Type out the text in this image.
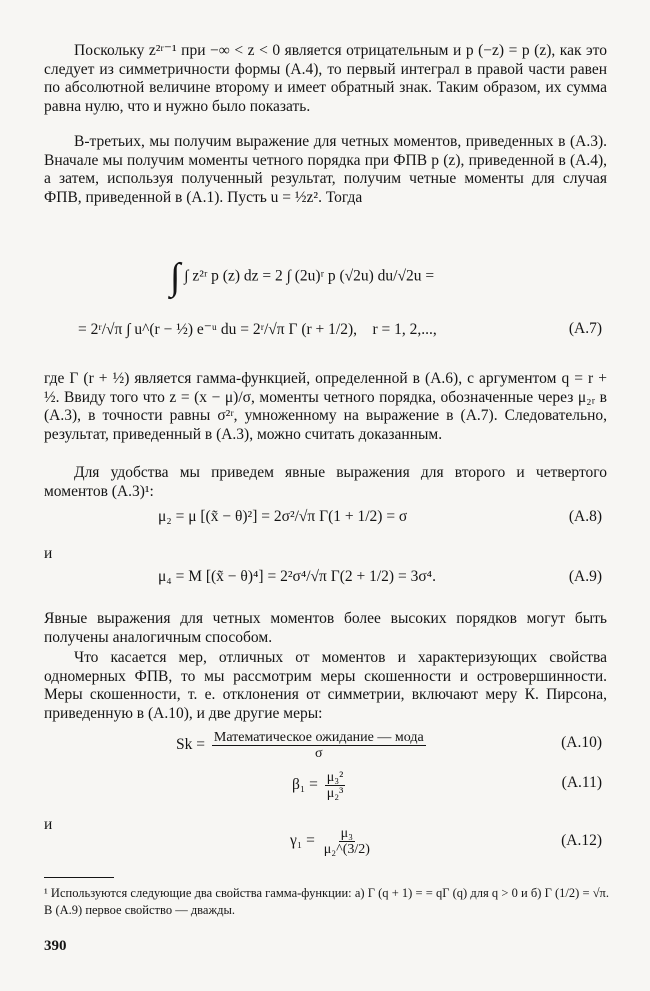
Поскольку z²ʳ⁻¹ при −∞ < z < 0 является отрицательным и p (−z) = p (z), как это следует из симметричности формы (А.4), то первый интеграл в правой части равен по абсолютной величине второму и имеет обратный знак. Таким образом, их сумма равна нулю, что и нужно было показать.

В-третьих, мы получим выражение для четных моментов, приведенных в (А.3). Вначале мы получим моменты четного порядка при ФПВ p (z), приведенной в (А.4), а затем, используя полученный результат, получим четные моменты для случая ФПВ, приведенной в (А.1). Пусть u = ½z². Тогда

∫ ∫ z²ʳ p (z) dz = 2 ∫ (2u)ʳ p (√2u) du/√2u =
= 2ʳ/√π ∫ u^(r − ½) e⁻ᵘ du = 2ʳ/√π Γ (r + 1/2), r = 1, 2,...,	(А.7)

где Γ (r + ½) является гамма-функцией, определенной в (А.6), с аргументом q = r + ½. Ввиду того что z = (x − μ)/σ, моменты четного порядка, обозначенные через μ₂ᵣ в (А.3), в точности равны σ²ʳ, умноженному на выражение в (А.7). Следовательно, результат, приведенный в (А.3), можно считать доказанным.

Для удобства мы приведем явные выражения для второго и четвертого моментов (А.3)¹:

μ₂ = μ [(x̃ − θ)²] = 2σ²/√π Γ(1 + 1/2) = σ	(А.8)
и
μ₄ = M [(x̃ − θ)⁴] = 2²σ⁴/√π Γ(2 + 1/2) = 3σ⁴.	(А.9)

Явные выражения для четных моментов более высоких порядков могут быть получены аналогичным способом.

Что касается мер, отличных от моментов и характеризующих свойства одномерных ФПВ, то мы рассмотрим меры скошенности и островершинности. Меры скошенности, т. е. отклонения от симметрии, включают меру К. Пирсона, приведенную в (А.10), и две другие меры:

$Sk = \frac{\text{Математическое ожидание — мода}}{\sigma}$	(А.10)
$\beta_1 = \frac{\text{μ₃²}}{\text{μ₂³}}$	(А.11)
и
$\gamma_1 = \frac{\text{μ₃}}{\text{μ₂\textasciicircum{}(3/2)}}$	(А.12)

¹ Используются следующие два свойства гамма-функции: а) Γ (q + 1) = = qΓ (q) для q > 0 и б) Γ (1/2) = √π. В (А.9) первое свойство — дважды.

390
